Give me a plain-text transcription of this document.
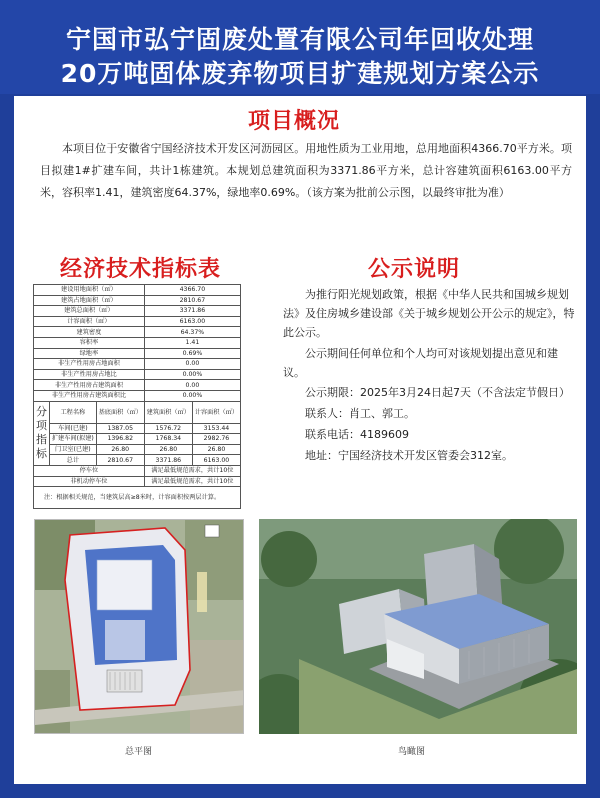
宁国市弘宁固废处置有限公司年回收处理
20万吨固体废弃物项目扩建规划方案公示
项目概况
本项目位于安徽省宁国经济技术开发区河沥园区。用地性质为工业用地，总用地面积4366.70平方米。项目拟建1#扩建车间，共计1栋建筑。本规划总建筑面积为3371.86平方米，总计容建筑面积6163.00平方米，容积率1.41，建筑密度64.37%，绿地率0.69%。（该方案为批前公示图，以最终审批为准）
经济技术指标表	公示说明
建设用地面积（㎡）			4366.70	
建筑占地面积（㎡）			2810.67	
建筑总面积（㎡）			3371.86	
计容面积（㎡）			6163.00	
建筑密度			64.37%	
容积率			1.41	
绿地率			0.69%	
非生产性用房占地面积			0.00	
非生产性用房占地比			0.00%	
非生产性用房占建筑面积			0.00	
非生产性用房占建筑面积比			0.00%	
分项指标	工程名称	基底面积（㎡）	建筑面积（㎡）	计容面积（㎡）
	车间(已建)	1387.05	1576.72	3153.44
	扩建车间(拟建)	1396.82	1768.34	2982.76
	门卫室(已建)	26.80	26.80	26.80
	总计	2810.67	3371.86	6163.00
停车位			满足最低规范需求，共计10位	
非机动停车位			满足最低规范需求，共计10位	
注：根据相关规范，当建筑层高≥8米时，计容面积按两层计算。				

为推行阳光规划政策，根据《中华人民共和国城乡规划法》及住房城乡建设部《关于城乡规划公开公示的规定》，特此公示。

公示期间任何单位和个人均可对该规划提出意见和建议。

公示期限：2025年3月24日起7天（不含法定节假日）

联系人：肖工、郭工。

联系电话：4189609

地址：宁国经济技术开发区管委会312室。

总平图	鸟瞰图
